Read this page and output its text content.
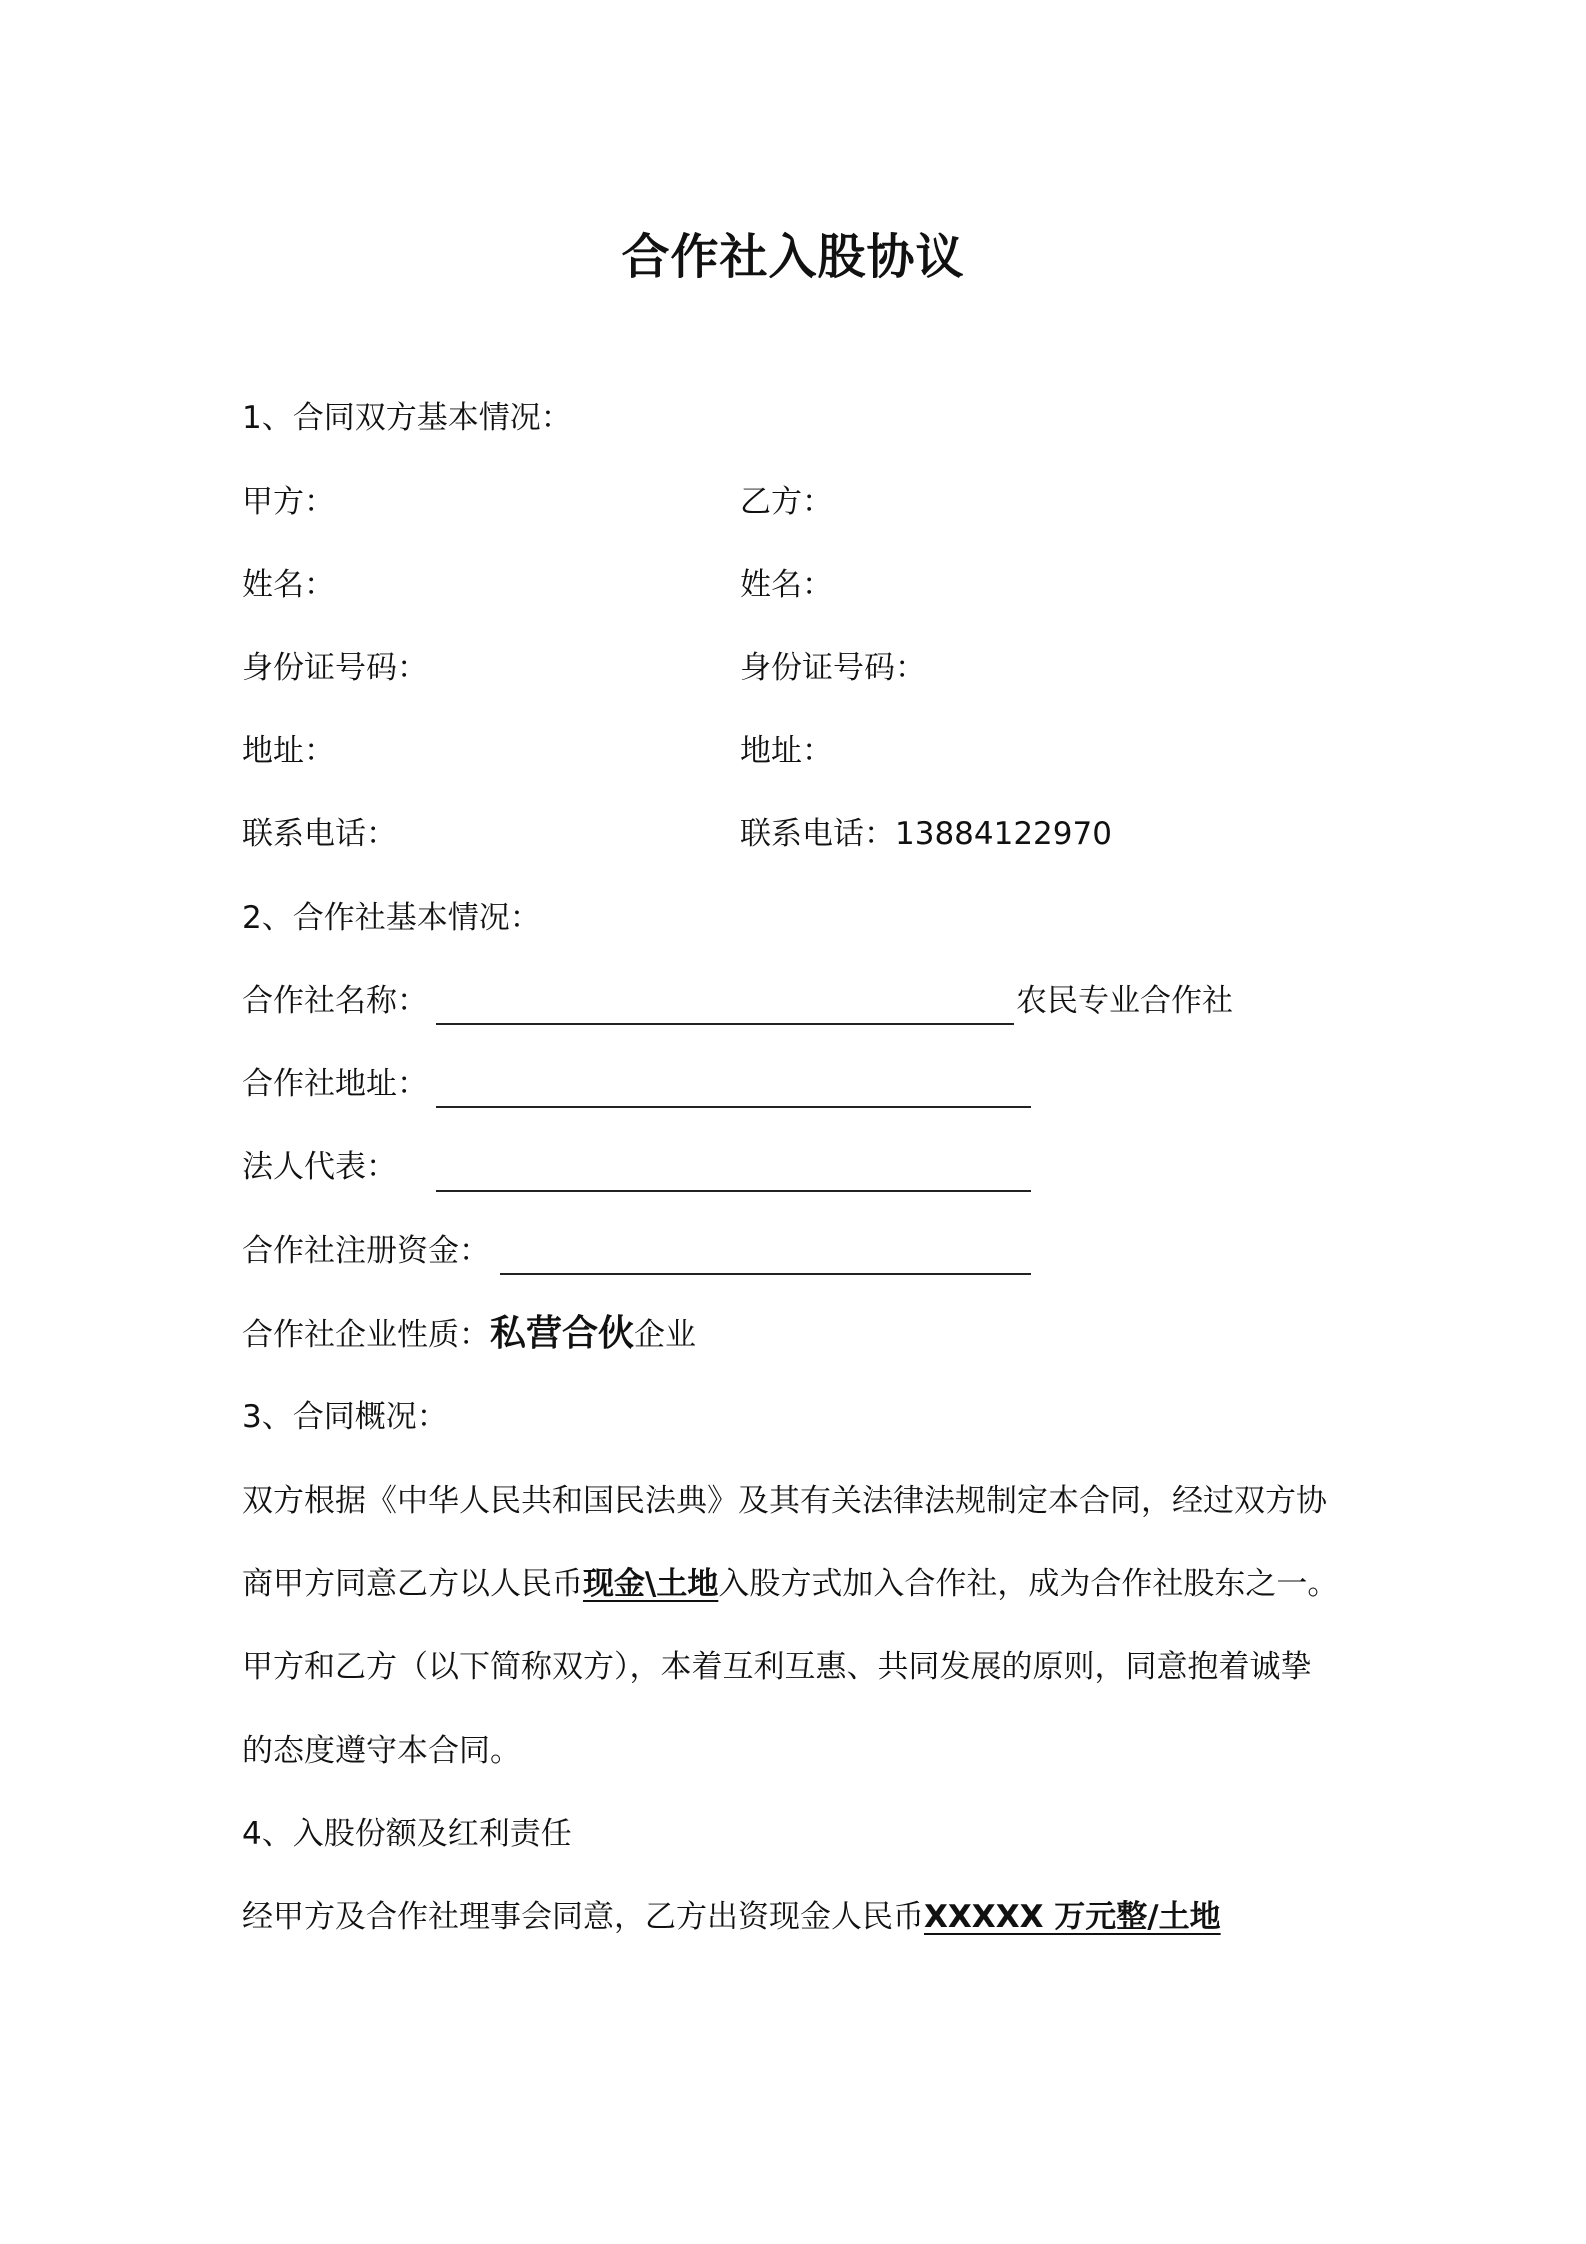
合作社入股协议
1、合同双方基本情况：
甲方：	乙方：
姓名：	姓名：
身份证号码：	身份证号码：
地址：	地址：
联系电话：	联系电话：13884122970
2、合作社基本情况：
合作社名称：	农民专业合作社
合作社地址：
法人代表：
合作社注册资金：
合作社企业性质：私营合伙企业
3、合同概况：
双方根据《中华人民共和国民法典》及其有关法律法规制定本合同，经过双方协
商甲方同意乙方以人民币现金\土地入股方式加入合作社，成为合作社股东之一。
甲方和乙方（以下简称双方），本着互利互惠、共同发展的原则，同意抱着诚挚
的态度遵守本合同。
4、入股份额及红利责任
经甲方及合作社理事会同意，乙方出资现金人民币XXXXX 万元整/土地
